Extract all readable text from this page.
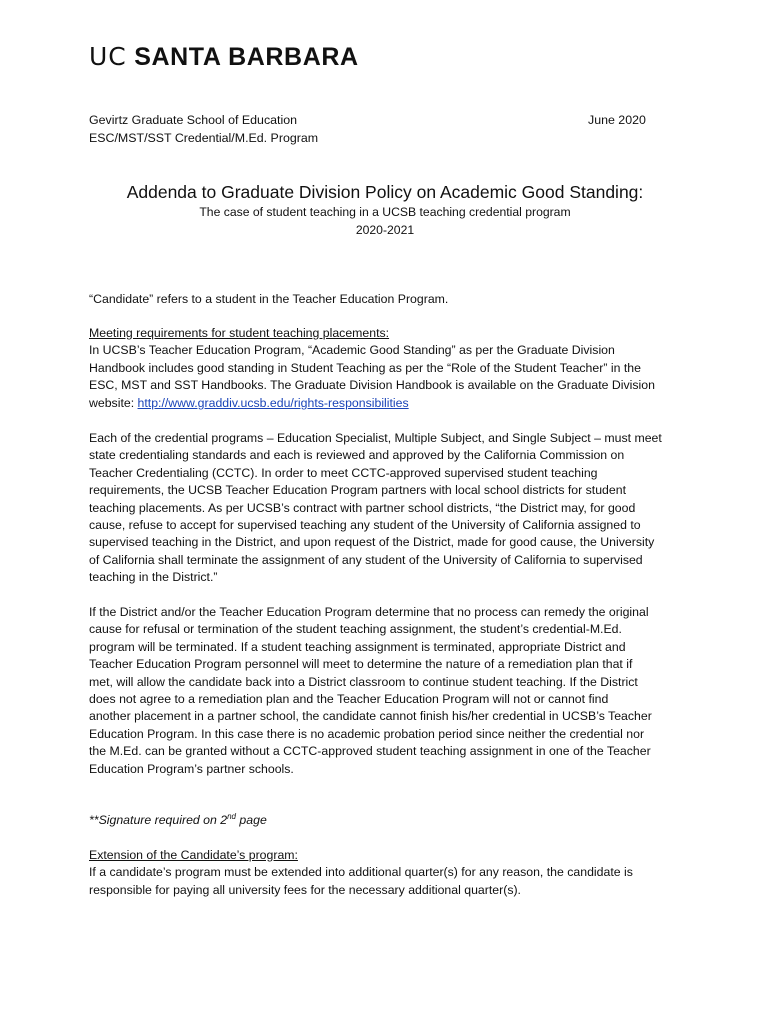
UC SANTA BARBARA
Gevirtz Graduate School of Education
ESC/MST/SST Credential/M.Ed. Program
June 2020
Addenda to Graduate Division Policy on Academic Good Standing:
The case of student teaching in a UCSB teaching credential program
2020-2021
“Candidate” refers to a student in the Teacher Education Program.
Meeting requirements for student teaching placements:
In UCSB’s Teacher Education Program, “Academic Good Standing” as per the Graduate Division
Handbook includes good standing in Student Teaching as per the “Role of the Student Teacher” in the
ESC, MST and SST Handbooks. The Graduate Division Handbook is available on the Graduate Division
website: http://www.graddiv.ucsb.edu/rights-responsibilities
Each of the credential programs – Education Specialist, Multiple Subject, and Single Subject – must meet
state credentialing standards and each is reviewed and approved by the California Commission on
Teacher Credentialing (CCTC). In order to meet CCTC-approved supervised student teaching
requirements, the UCSB Teacher Education Program partners with local school districts for student
teaching placements. As per UCSB’s contract with partner school districts, “the District may, for good
cause, refuse to accept for supervised teaching any student of the University of California assigned to
supervised teaching in the District, and upon request of the District, made for good cause, the University
of California shall terminate the assignment of any student of the University of California to supervised
teaching in the District.”
If the District and/or the Teacher Education Program determine that no process can remedy the original
cause for refusal or termination of the student teaching assignment, the student’s credential-M.Ed.
program will be terminated. If a student teaching assignment is terminated, appropriate District and
Teacher Education Program personnel will meet to determine the nature of a remediation plan that if
met, will allow the candidate back into a District classroom to continue student teaching. If the District
does not agree to a remediation plan and the Teacher Education Program will not or cannot find
another placement in a partner school, the candidate cannot finish his/her credential in UCSB’s Teacher
Education Program. In this case there is no academic probation period since neither the credential nor
the M.Ed. can be granted without a CCTC-approved student teaching assignment in one of the Teacher
Education Program’s partner schools.
**Signature required on 2nd page
Extension of the Candidate’s program:
If a candidate’s program must be extended into additional quarter(s) for any reason, the candidate is
responsible for paying all university fees for the necessary additional quarter(s).
